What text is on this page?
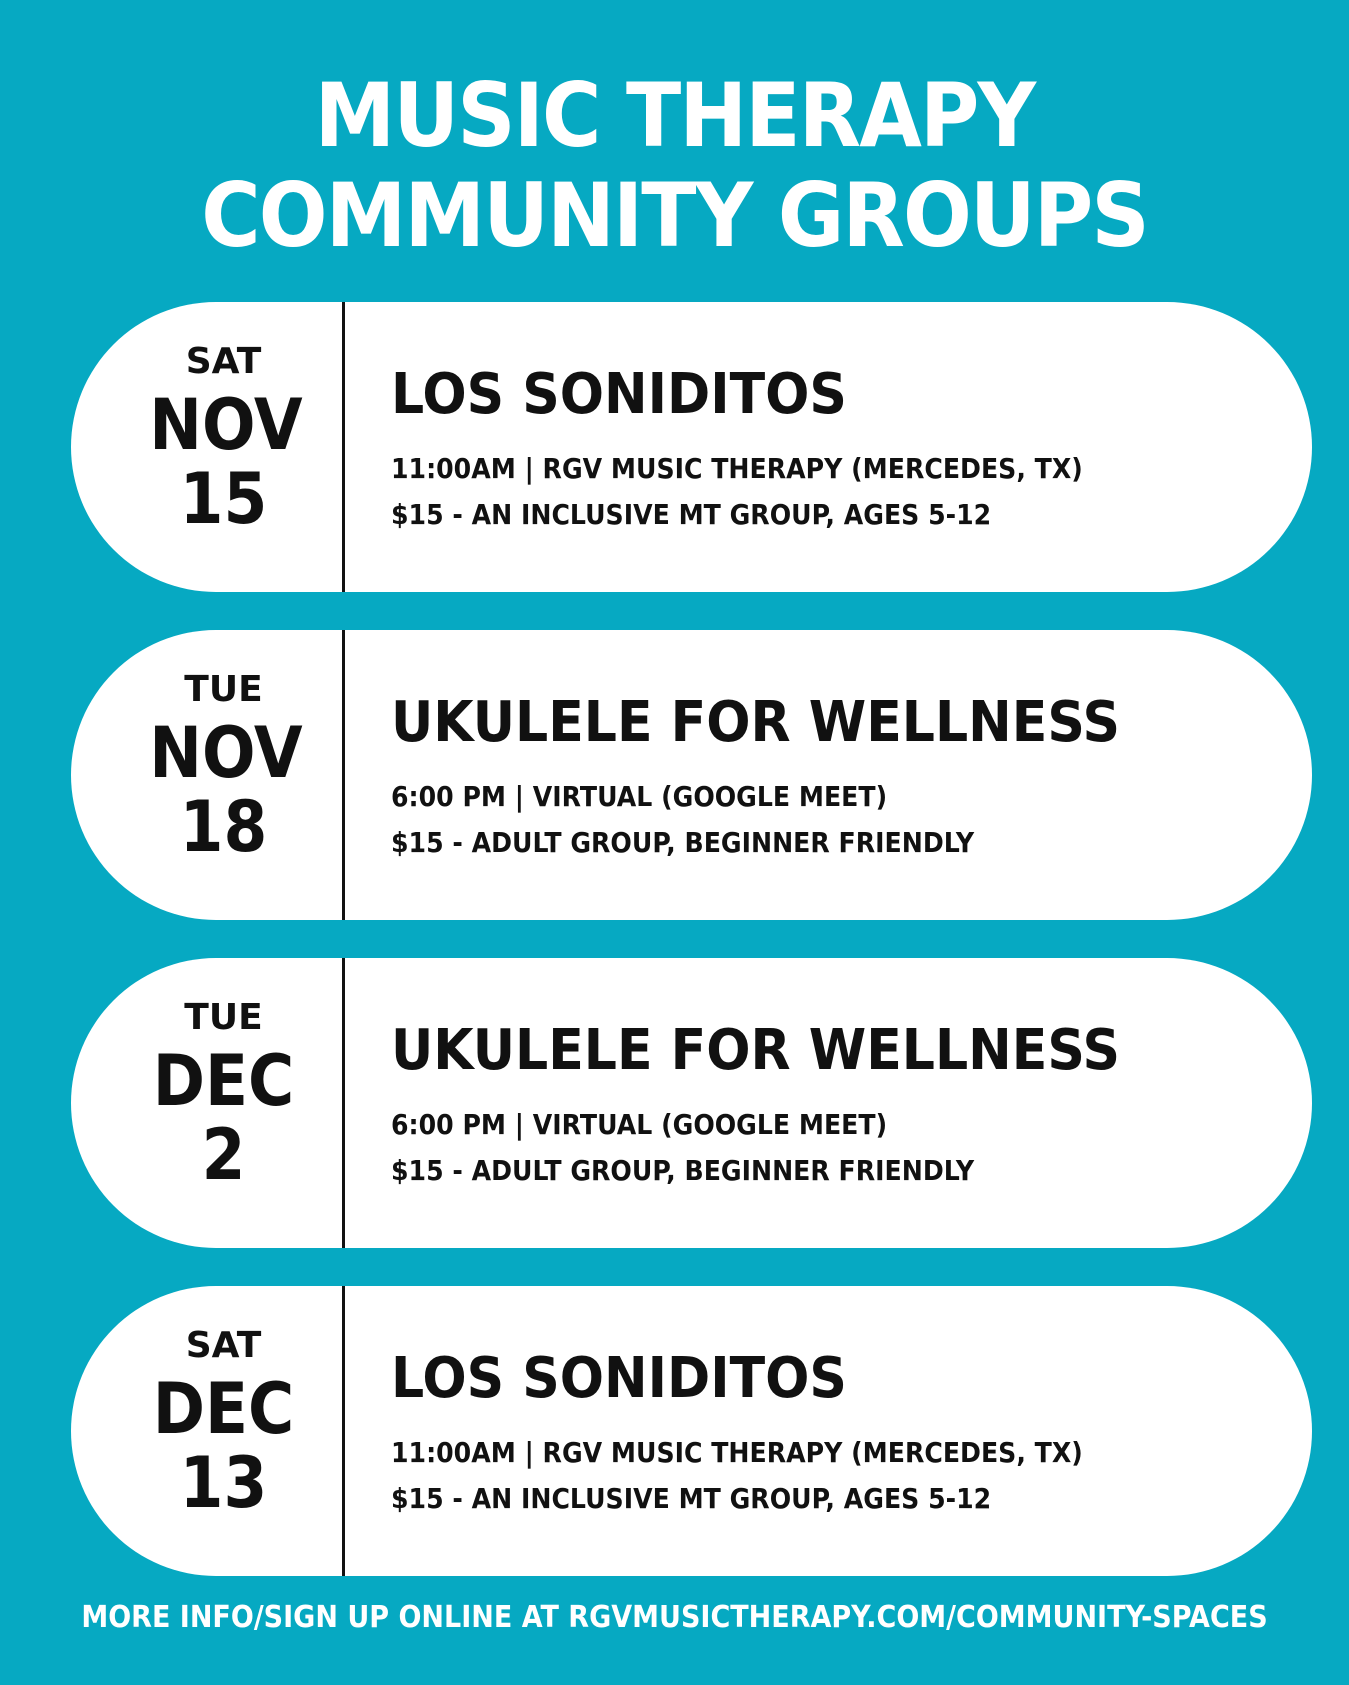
MUSIC THERAPY
COMMUNITY GROUPS
SAT
NOV
15
LOS SONIDITOS
11:00AM | RGV MUSIC THERAPY (MERCEDES, TX)
$15 - AN INCLUSIVE MT GROUP, AGES 5-12
TUE
NOV
18
UKULELE FOR WELLNESS
6:00 PM | VIRTUAL (GOOGLE MEET)
$15 - ADULT GROUP, BEGINNER FRIENDLY
TUE
DEC
2
UKULELE FOR WELLNESS
6:00 PM | VIRTUAL (GOOGLE MEET)
$15 - ADULT GROUP, BEGINNER FRIENDLY
SAT
DEC
13
LOS SONIDITOS
11:00AM | RGV MUSIC THERAPY (MERCEDES, TX)
$15 - AN INCLUSIVE MT GROUP, AGES 5-12
MORE INFO/SIGN UP ONLINE AT RGVMUSICTHERAPY.COM/COMMUNITY-SPACES
